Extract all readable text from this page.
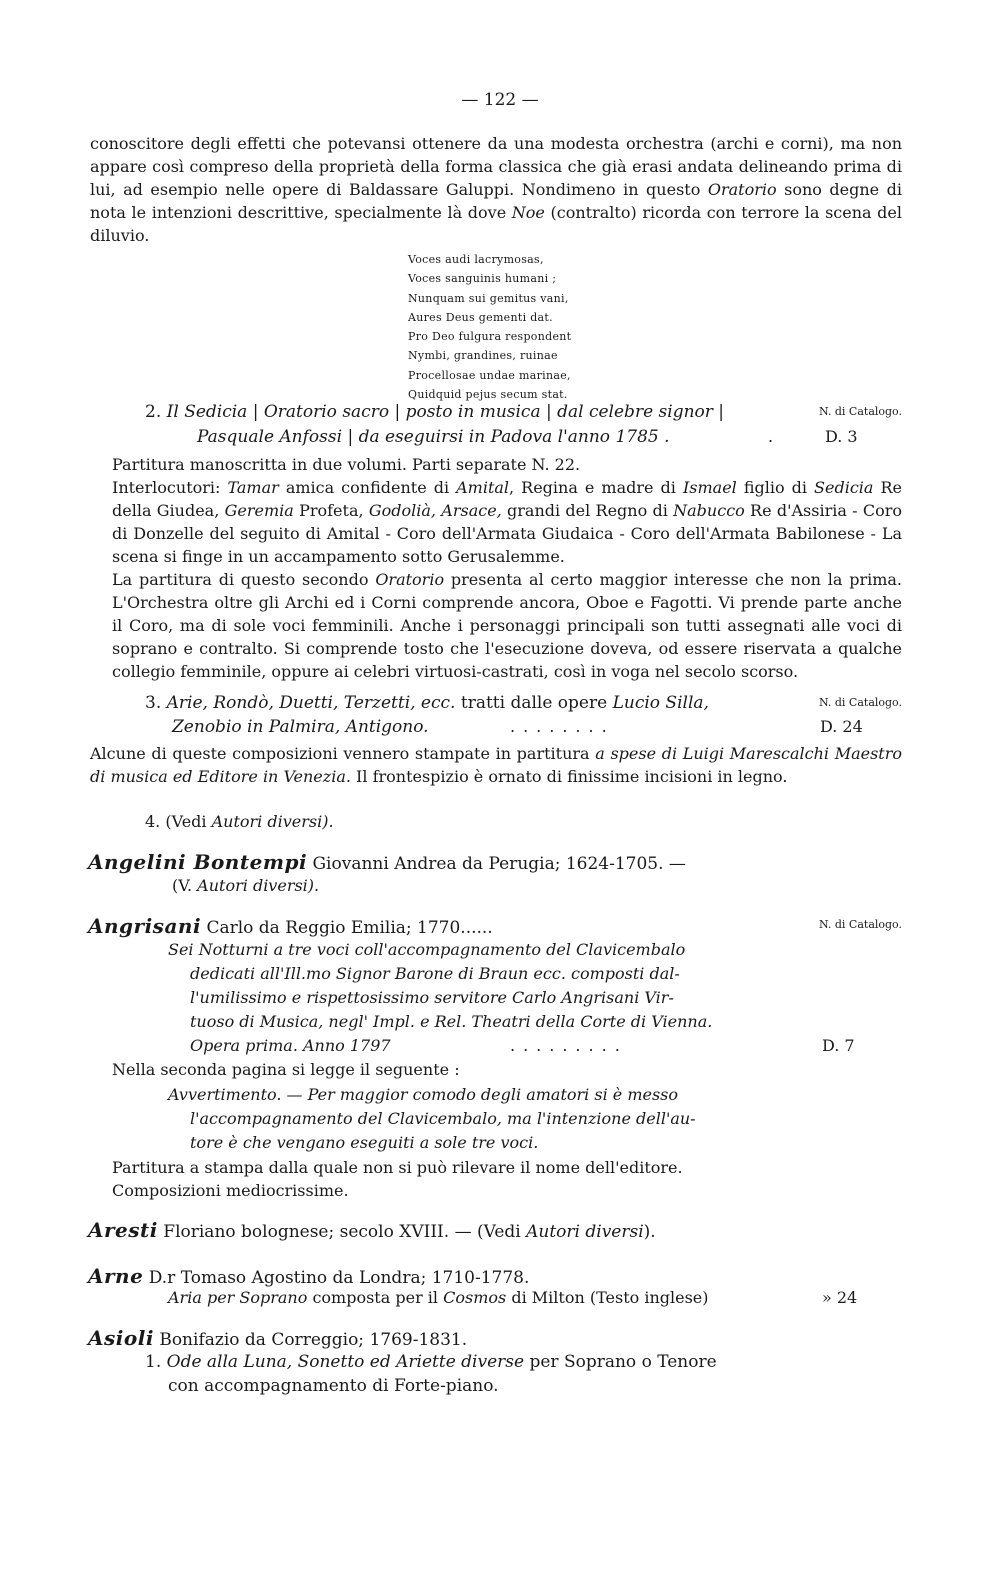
— 122 —
conoscitore degli effetti che potevansi ottenere da una modesta orchestra (archi e corni), ma non appare così compreso della proprietà della forma classica che già erasi andata delineando prima di lui, ad esempio nelle opere di Baldassare Galuppi. Nondimeno in questo Oratorio sono degne di nota le intenzioni descrittive, specialmente là dove Noe (contralto) ricorda con terrore la scena del diluvio.
Voces audi lacrymosas,
Voces sanguinis humani ;
Nunquam sui gemitus vani,
Aures Deus gementi dat.
Pro Deo fulgura respondent
Nymbi, grandines, ruinae
Procellosae undae marinae,
Quidquid pejus secum stat.
2. Il Sedicia | Oratorio sacro | posto in musica | dal celebre signor |	N. di Catalogo.
Pasquale Anfossi | da eseguirsi in Padova l'anno 1785 .	.	D. 3
Partitura manoscritta in due volumi. Parti separate N. 22.
Interlocutori: Tamar amica confidente di Amital, Regina e madre di Ismael figlio di Sedicia Re della Giudea, Geremia Profeta, Godolià, Arsace, grandi del Regno di Nabucco Re d'Assiria - Coro di Donzelle del seguito di Amital - Coro dell'Armata Giudaica - Coro dell'Armata Babilonese - La scena si finge in un accampamento sotto Gerusalemme.
La partitura di questo secondo Oratorio presenta al certo maggior interesse che non la prima. L'Orchestra oltre gli Archi ed i Corni comprende ancora, Oboe e Fagotti. Vi prende parte anche il Coro, ma di sole voci femminili. Anche i personaggi principali son tutti assegnati alle voci di soprano e contralto. Si comprende tosto che l'esecuzione doveva, od essere riservata a qualche collegio femminile, oppure ai celebri virtuosi-castrati, così in voga nel secolo scorso.
3. Arie, Rondò, Duetti, Terzetti, ecc. tratti dalle opere Lucio Silla,	N. di Catalogo.
Zenobio in Palmira, Antigono.	........	D. 24
Alcune di queste composizioni vennero stampate in partitura a spese di Luigi Marescalchi Maestro di musica ed Editore in Venezia. Il frontespizio è ornato di finissime incisioni in legno.
4. (Vedi Autori diversi).
Angelini Bontempi Giovanni Andrea da Perugia; 1624-1705. —
(V. Autori diversi).
Angrisani Carlo da Reggio Emilia; 1770......	N. di Catalogo.
Sei Notturni a tre voci coll'accompagnamento del Clavicembalo
dedicati all'Ill.mo Signor Barone di Braun ecc. composti dal-
l'umilissimo e rispettosissimo servitore Carlo Angrisani Vir-
tuoso di Musica, negl' Impl. e Rel. Theatri della Corte di Vienna.
Opera prima. Anno 1797	.........	D. 7
Nella seconda pagina si legge il seguente :
Avvertimento. — Per maggior comodo degli amatori si è messo
l'accompagnamento del Clavicembalo, ma l'intenzione dell'au-
tore è che vengano eseguiti a sole tre voci.
Partitura a stampa dalla quale non si può rilevare il nome dell'editore.
Composizioni mediocrissime.
Aresti Floriano bolognese; secolo XVIII. — (Vedi Autori diversi).
Arne D.r Tomaso Agostino da Londra; 1710-1778.
Aria per Soprano composta per il Cosmos di Milton (Testo inglese)	» 24
Asioli Bonifazio da Correggio; 1769-1831.
1. Ode alla Luna, Sonetto ed Ariette diverse per Soprano o Tenore
con accompagnamento di Forte-piano.
